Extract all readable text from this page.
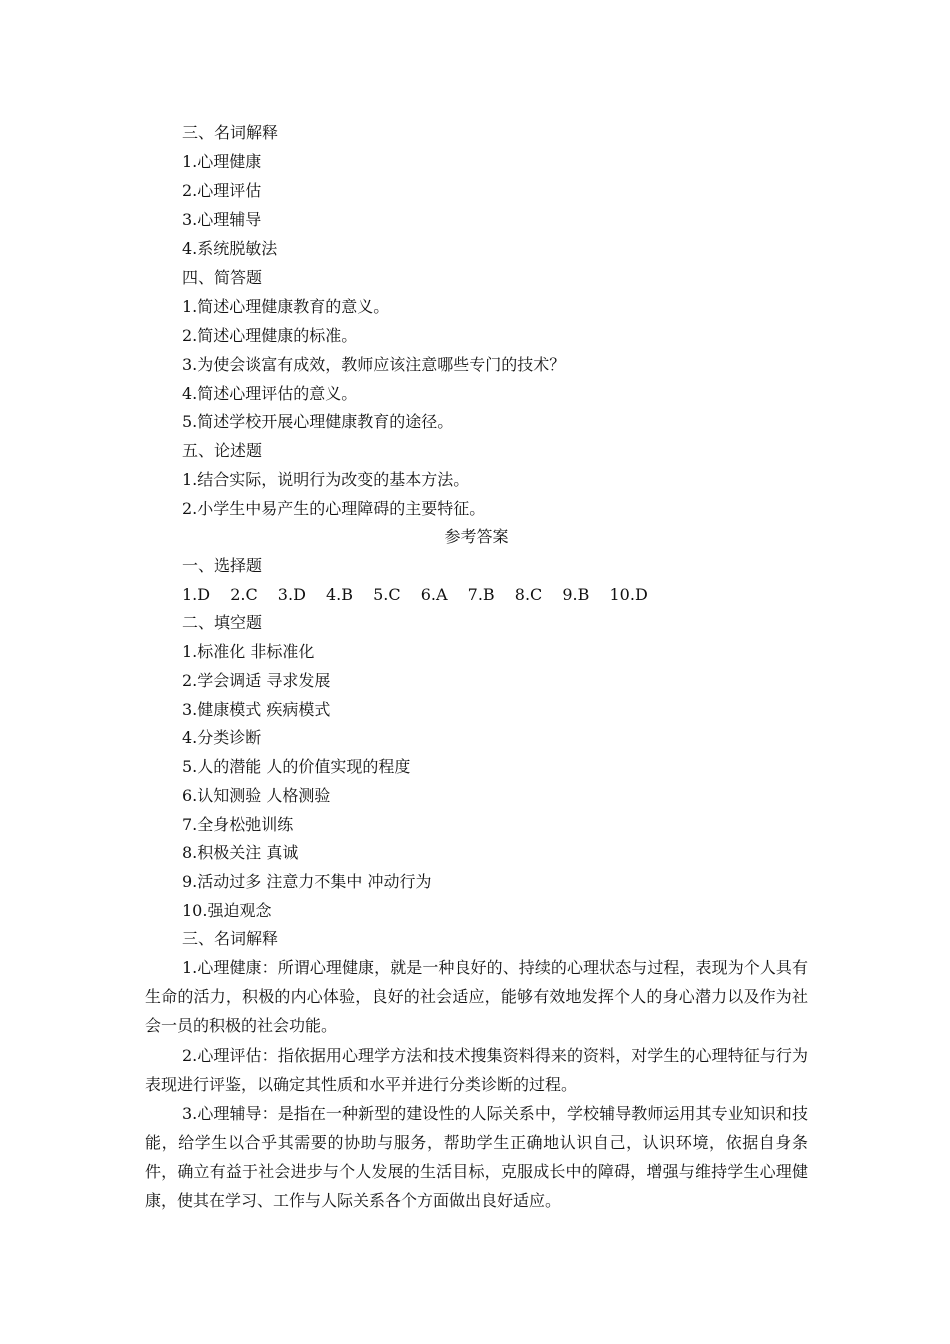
三、名词解释
1.心理健康
2.心理评估
3.心理辅导
4.系统脱敏法
四、简答题
1.简述心理健康教育的意义。
2.简述心理健康的标准。
3.为使会谈富有成效，教师应该注意哪些专门的技术？
4.简述心理评估的意义。
5.简述学校开展心理健康教育的途径。
五、论述题
1.结合实际，说明行为改变的基本方法。
2.小学生中易产生的心理障碍的主要特征。
参考答案
一、选择题
1.D 2.C 3.D 4.B 5.C 6.A 7.B 8.C 9.B 10.D
二、填空题
1.标准化 非标准化
2.学会调适 寻求发展
3.健康模式 疾病模式
4.分类诊断
5.人的潜能 人的价值实现的程度
6.认知测验 人格测验
7.全身松弛训练
8.积极关注 真诚
9.活动过多 注意力不集中 冲动行为
10.强迫观念
三、名词解释
1.心理健康：所谓心理健康，就是一种良好的、持续的心理状态与过程，表现为个人具有生命的活力，积极的内心体验，良好的社会适应，能够有效地发挥个人的身心潜力以及作为社会一员的积极的社会功能。
2.心理评估：指依据用心理学方法和技术搜集资料得来的资料，对学生的心理特征与行为表现进行评鉴，以确定其性质和水平并进行分类诊断的过程。
3.心理辅导：是指在一种新型的建设性的人际关系中，学校辅导教师运用其专业知识和技能，给学生以合乎其需要的协助与服务，帮助学生正确地认识自己，认识环境，依据自身条件，确立有益于社会进步与个人发展的生活目标，克服成长中的障碍，增强与维持学生心理健康，使其在学习、工作与人际关系各个方面做出良好适应。
